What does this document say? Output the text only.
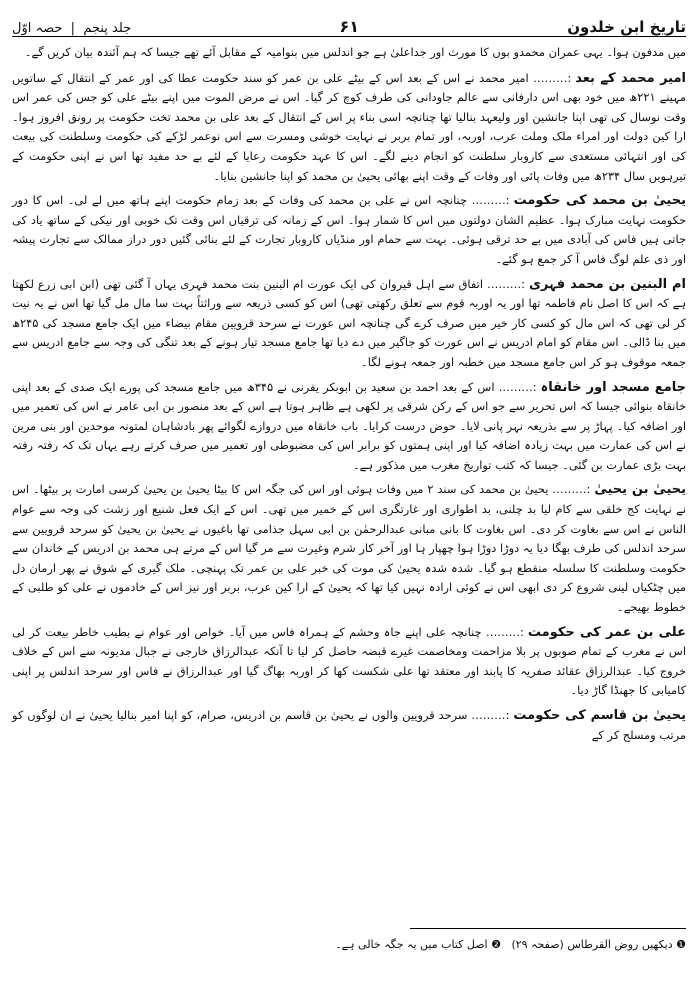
جلد پنجم  |  حصہ اوّل	۶۱	تاریخ ابن خلدون

میں مدفون ہوا۔ یہی عمران محمدو بوں کا مورث اور جداعلیٰ ہے جو اندلس میں بنوامیہ کے مقابل آئے تھے جیسا کہ ہم آئندہ بیان کریں گے۔

امیر محمد کے بعد:……… امیر محمد نے اس کے بعد اس کے بیٹے علی بن عمر کو سند حکومت عطا کی اور عمر کے انتقال کے ساتویں مہینے ۲۲۱ھ میں خود بھی اس دارفانی سے عالم جاودانی کی طرف کوچ کر گیا۔ اس نے مرض الموت میں اپنے بیٹے علی کو جس کی عمر اس وقت نوسال کی تھی اپنا جانشین اور ولیعہد بنالیا تھا چنانچہ اسی بناء پر اس کے انتقال کے بعد علی بن محمد تخت حکومت پر رونق افروز ہوا۔ ارا کین دولت اور امراء ملک وملت عرب، اوربہ، اور تمام بربر نے نہایت خوشی ومسرت سے اس نوعمر لڑکے کی حکومت وسلطنت کی بیعت کی اور انتہائی مستعدی سے کاروبار سلطنت کو انجام دینے لگے۔ اس کا عہد حکومت رعایا کے لئے بے حد مفید تھا اس نے اپنی حکومت کے تیرہویں سال ۲۳۴ھ میں وفات پائی اور وفات کے وقت اپنے بھائی یحییٰ بن محمد کو اپنا جانشین بنایا۔

یحییٰ بن محمد کی حکومت:……… چنانچہ اس نے علی بن محمد کی وفات کے بعد زمام حکومت اپنے ہاتھ میں لے لی۔ اس کا دور حکومت نہایت مبارک ہوا۔ عظیم الشان دولتوں میں اس کا شمار ہوا۔ اس کے زمانہ کی ترقیاں اس وقت تک خوبی اور نیکی کے ساتھ یاد کی جاتی ہیں فاس کی آبادی میں بے حد ترقی ہوئی۔ بہت سے حمام اور منڈیاں کاروبار تجارت کے لئے بنائی گئیں دور دراز ممالک سے تجارت پیشہ اور ذی علم لوگ فاس آ کر جمع ہو گئے۔

ام البنین بن محمد فہری:……… اتفاق سے اہل قیروان کی ایک عورت ام البنین بنت محمد فہری یہاں آ گئی تھی (ابن ابی زرع لکھتا ہے کہ اس کا اصل نام فاطمہ تھا اور یہ اوربہ قوم سے تعلق رکھتی تھی) اس کو کسی ذریعہ سے وراثتاً بہت سا مال مل گیا تھا اس نے یہ نیت کر لی تھی کہ اس مال کو کسی کار خیر میں صرف کرے گی چنانچہ اس عورت نے سرحد قرویین مقام بیضاء میں ایک جامع مسجد کی ۲۴۵ھ میں بنا ڈالی۔ اس مقام کو امام ادریس نے اس عورت کو جاگیر میں دے دیا تھا جامع مسجد تیار ہونے کے بعد تنگی کی وجہ سے جامع ادریس سے جمعہ موقوف ہو کر اس جامع مسجد میں خطبہ اور جمعہ ہونے لگا۔

جامع مسجد اور خانقاہ:……… اس کے بعد احمد بن سعید بن ابوبکر یفرنی نے ۳۴۵ھ میں جامع مسجد کی پورے ایک صدی کے بعد اپنی خانقاہ بنوائی جیسا کہ اس تحریر سے جو اس کے رکن شرقی پر لکھی ہے ظاہر ہوتا ہے اس کے بعد منصور بن ابی عامر نے اس کی تعمیر میں اور اضافہ کیا۔ پہاڑ پر سے بذریعہ نہر پانی لایا۔ حوض درست کرایا۔ باب خانقاہ میں دروازے لگوائے پھر بادشاہان لمتونہ موحدین اور بنی مرین نے اس کی عمارت میں بہت زیادہ اضافہ کیا اور اپنی ہمتوں کو برابر اس کی مضبوطی اور تعمیر میں صرف کرتے رہے یہاں تک کہ رفتہ رفتہ بہت بڑی عمارت بن گئی۔ جیسا کہ کتب تواریخ مغرب میں مذکور ہے۔

یحییٰ بن یحییٰ:……… یحییٰ بن محمد کی سند ۲ میں وفات ہوئی اور اس کی جگہ اس کا بیٹا یحییٰ بن یحییٰ کرسی امارت پر بیٹھا۔ اس نے نہایت کج خلقی سے کام لیا بد چلنی، بد اطواری اور غارتگری اس کے خمیر میں تھی۔ اس کے ایک فعل شنیع اور زشت کی وجہ سے عوام الناس نے اس سے بغاوت کر دی۔ اس بغاوت کا بانی مبانی عبدالرحمٰن بن ابی سہل جذامی تھا باغیوں نے یحییٰ بن یحییٰ کو سرحد قرویین سے سرحد اندلس کی طرف بھگا دیا یہ دوڑا دوڑا ہوا چھپار ہا اور آخر کار شرم وغیرت سے مر گیا اس کے مرتے ہی محمد بن ادریس کے خاندان سے حکومت وسلطنت کا سلسلہ منقطع ہو گیا۔ شدہ شدہ یحییٰ کی موت کی خبر علی بن عمر تک پہنچی۔ ملک گیری کے شوق نے پھر ارمان دل میں چٹکیاں لینی شروع کر دی ابھی اس نے کوئی ارادہ نہیں کیا تھا کہ یحییٰ کے ارا کین عرب، بربر اور نیز اس کے خادموں نے علی کو طلبی کے خطوط بھیجے۔

علی بن عمر کی حکومت:……… چنانچہ علی اپنے جاہ وحشم کے ہمراہ فاس میں آیا۔ خواص اور عوام نے بطیب خاطر بیعت کر لی اس نے مغرب کے تمام صوبوں پر بلا مزاحمت ومخاصمت غیرے قبضہ حاصل کر لیا تا آنکہ عبدالرزاق خارجی نے جبال مدیونہ سے اس کے خلاف خروج کیا۔ عبدالرزاق عقائد صفریہ کا پابند اور معتقد تھا علی شکست کھا کر اوربہ بھاگ گیا اور عبدالرزاق نے فاس اور سرحد اندلس پر اپنی کامیابی کا جھنڈا گاڑ دیا۔

یحییٰ بن قاسم کی حکومت:……… سرحد قرویین والوں نے یحییٰ بن قاسم بن ادریس، صرام، کو اپنا امیر بنالیا یحییٰ نے ان لوگوں کو مرتب ومسلح کر کے

❶ دیکھیں روض القرطاس (صفحہ ۲۹)   ❷ اصل کتاب میں یہ جگہ خالی ہے۔
